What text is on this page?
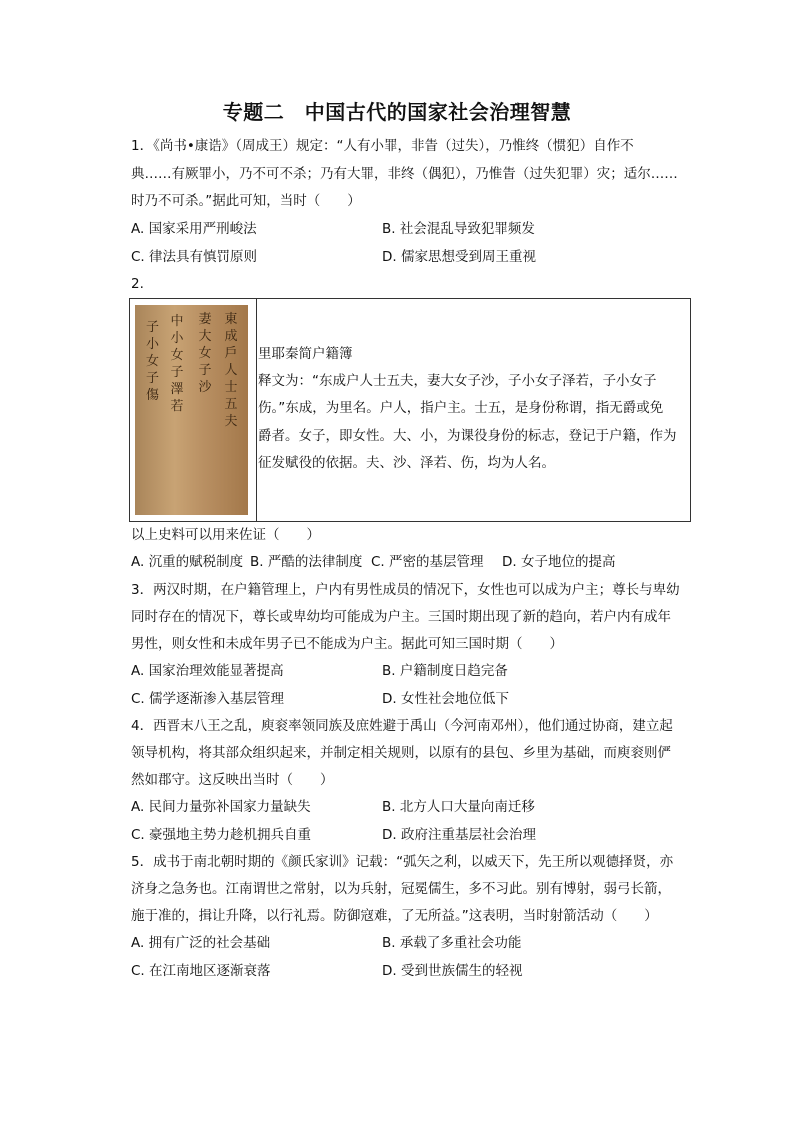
专题二　中国古代的国家社会治理智慧
1．《尚书•康诰》（周成王）规定：“人有小罪，非眚（过失），乃惟终（惯犯）自作不
典……有厥罪小，乃不可不杀；乃有大罪，非终（偶犯），乃惟眚（过失犯罪）灾；适尔……
时乃不可杀。”据此可知，当时（　　）
A. 国家采用严刑峻法	B. 社会混乱导致犯罪频发
C. 律法具有慎罚原则	D. 儒家思想受到周王重视
2.
子小女子傷
中小女子澤若
妻大女子沙
東成戶人士五夫
里耶秦简户籍簿
释文为：“东成户人士五夫，妻大女子沙，子小女子泽若，子小女子
伤。”东成，为里名。户人，指户主。士五，是身份称谓，指无爵或免
爵者。女子，即女性。大、小，为课役身份的标志，登记于户籍，作为
征发赋役的依据。夫、沙、泽若、伤，均为人名。
以上史料可以用来佐证（　　）
A. 沉重的赋税制度 B. 严酷的法律制度 C. 严密的基层管理 D. 女子地位的提高
3．两汉时期，在户籍管理上，户内有男性成员的情况下，女性也可以成为户主；尊长与卑幼
同时存在的情况下，尊长或卑幼均可能成为户主。三国时期出现了新的趋向，若户内有成年
男性，则女性和未成年男子已不能成为户主。据此可知三国时期（　　）
A. 国家治理效能显著提高	B. 户籍制度日趋完备
C. 儒学逐渐渗入基层管理	D. 女性社会地位低下
4．西晋末八王之乱，庾衮率领同族及庶姓避于禹山（今河南邓州），他们通过协商，建立起
领导机构，将其部众组织起来，并制定相关规则，以原有的县包、乡里为基础，而庾衮则俨
然如郡守。这反映出当时（　　）
A. 民间力量弥补国家力量缺失	B. 北方人口大量向南迁移
C. 豪强地主势力趁机拥兵自重	D. 政府注重基层社会治理
5．成书于南北朝时期的《颜氏家训》记载：“弧矢之利，以威天下，先王所以观德择贤，亦
济身之急务也。江南谓世之常射，以为兵射，冠冕儒生，多不习此。别有博射，弱弓长箭，
施于准的，揖让升降，以行礼焉。防御寇难，了无所益。”这表明，当时射箭活动（　　）
A. 拥有广泛的社会基础	B. 承载了多重社会功能
C. 在江南地区逐渐衰落	D. 受到世族儒生的轻视
